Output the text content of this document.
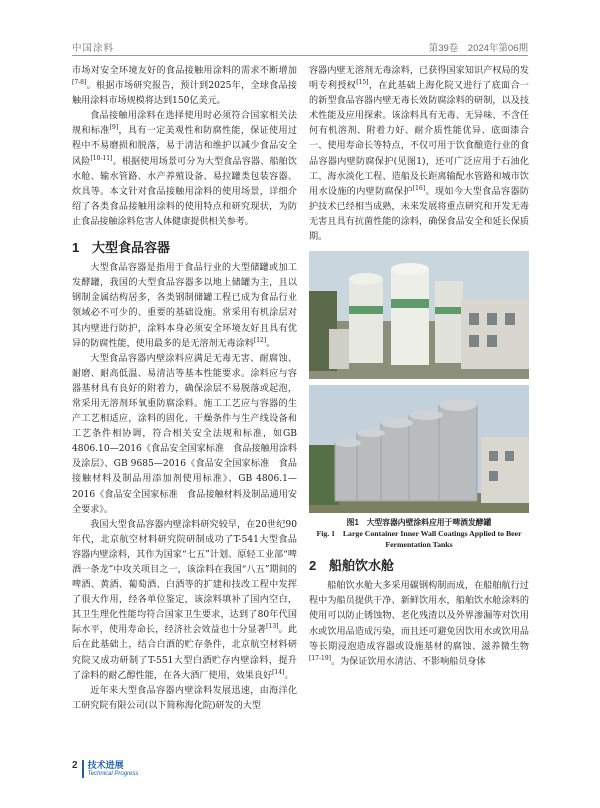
中国涂料	第39卷　2024年第06期

市场对安全环境友好的食品接触用涂料的需求不断增加[7-8]。根据市场研究报告，预计到2025年，全球食品接触用涂料市场规模将达到150亿美元。

食品接触用涂料在选择使用时必须符合国家相关法规和标准[9]，具有一定美观性和防腐性能，保证使用过程中不易磨损和脱落，易于清洁和维护以减少食品安全风险[10-11]。根据使用场景可分为大型食品容器、船舶饮水舱、输水管路、水产养殖设备、易拉罐类包装容器、炊具等。本文针对食品接触用涂料的使用场景，详细介绍了各类食品接触用涂料的使用特点和研究现状，为防止食品接触涂料危害人体健康提供相关参考。

1 大型食品容器

大型食品容器是指用于食品行业的大型储罐或加工发酵罐，我国的大型食品容器多以地上储罐为主，且以钢制金属结构居多，各类钢制储罐工程已成为食品行业领域必不可少的、重要的基础设施。常采用有机涂层对其内壁进行防护，涂料本身必须安全环境友好且具有优异的防腐性能，使用最多的是无溶剂无毒涂料[12]。

大型食品容器内壁涂料应满足无毒无害、耐腐蚀、耐磨、耐高低温、易清洁等基本性能要求。涂料应与容器基材具有良好的附着力，确保涂层不易脱落或起泡，常采用无溶剂环氧重防腐涂料。施工工艺应与容器的生产工艺相适应，涂料的固化、干燥条件与生产线设备和工艺条件相协调，符合相关安全法规和标准，如GB 4806.10—2016《食品安全国家标准　食品接触用涂料及涂层》、GB 9685—2016《食品安全国家标准　食品接触材料及制品用添加剂使用标准》、GB 4806.1—2016《食品安全国家标准　食品接触材料及制品通用安全要求》。

我国大型食品容器内壁涂料研究较早，在20世纪90年代，北京航空材料研究院研制成功了T-541大型食品容器内壁涂料，其作为国家“七五”计划、原轻工业部“啤酒一条龙”中攻关项目之一，该涂料在我国“八五”期间的啤酒、黄酒、葡萄酒、白酒等的扩建和技改工程中发挥了很大作用，经各单位鉴定，该涂料填补了国内空白，其卫生理化性能均符合国家卫生要求，达到了80年代国际水平，使用寿命长，经济社会效益也十分显著[13]。此后在此基础上，结合白酒的贮存条件，北京航空材料研究院又成功研制了T-551大型白酒贮存内壁涂料，提升了涂料的耐乙醇性能，在各大酒厂使用，效果良好[14]。

近年来大型食品容器内壁涂料发展迅速，由海洋化工研究院有限公司(以下简称海化院)研发的大型

容器内壁无溶剂无毒涂料，已获得国家知识产权局的发明专利授权[15]，在此基础上海化院又进行了底面合一的新型食品容器内壁无毒长效防腐涂料的研制，以及技术性能及应用探索。该涂料具有无毒、无异味、不含任何有机溶剂、附着力好、耐介质性能优异、底面漆合一、使用寿命长等特点，不仅可用于饮食酿造行业的食品容器内壁防腐保护(见图1)，还可广泛应用于石油化工、海水淡化工程、造船及长距离输配水管路和城市饮用水设施的内壁防腐保护[16]。现如今大型食品容器防护技术已经相当成熟，未来发展将重点研究和开发无毒无害且具有抗菌性能的涂料，确保食品安全和延长保质期。

图1　大型容器内壁涂料应用于啤酒发酵罐
Fig. 1　Large Container Inner Wall Coatings Applied to Beer Fermentation Tanks
2 船舶饮水舱

船舶饮水舱大多采用碳钢构制而成，在船舶航行过程中为船员提供干净、新鲜饮用水，船舶饮水舱涂料的使用可以防止锈蚀物、老化残渣以及外界渗漏等对饮用水或饮用品造成污染，而且还可避免因饮用水或饮用品等长期浸泡造成容器或设施基材的腐蚀、滋养微生物[17-19]。为保证饮用水清洁、不影响船员身体

$^2$ 技术进展
Technical Progress
